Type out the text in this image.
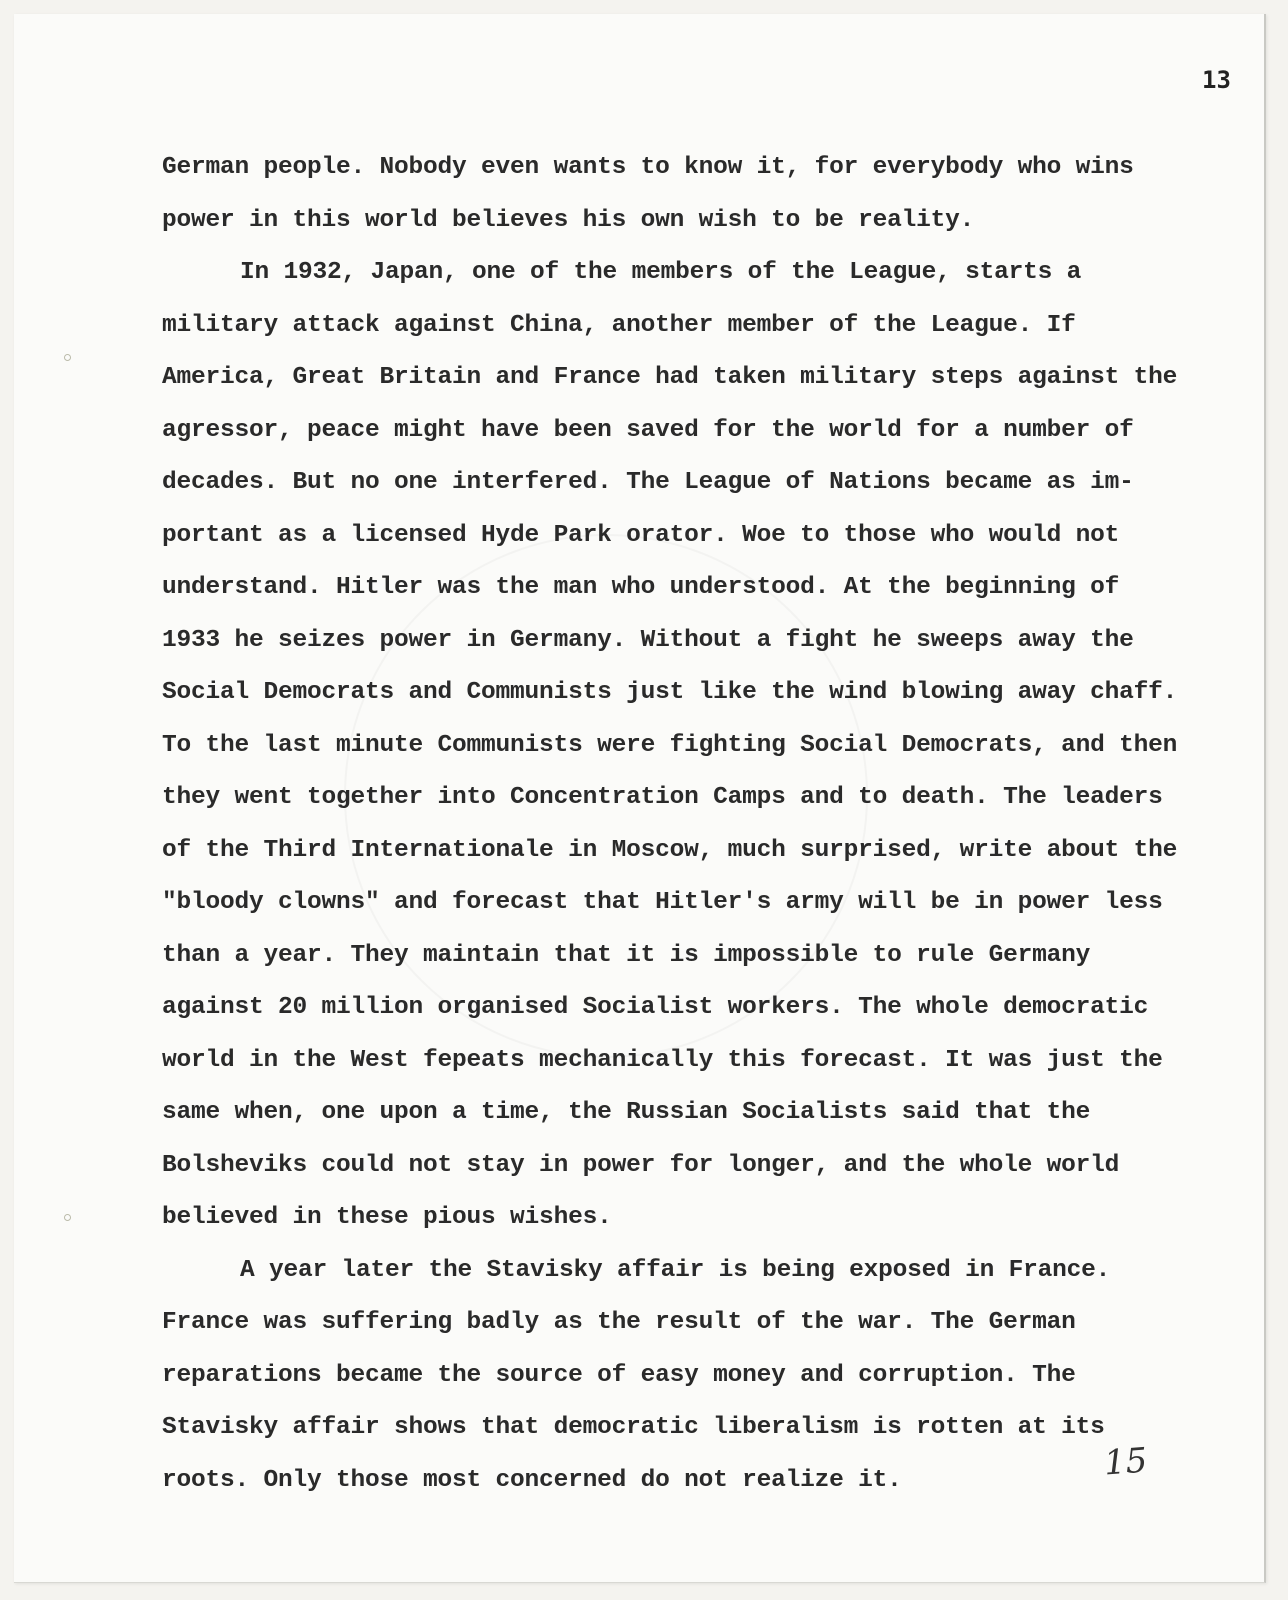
13
German people. Nobody even wants to know it, for everybody who wins
power in this world believes his own wish to be reality.
In 1932, Japan, one of the members of the League, starts a
military attack against China, another member of the League. If
America, Great Britain and France had taken military steps against the
agressor, peace might have been saved for the world for a number of
decades. But no one interfered. The League of Nations became as im-
portant as a licensed Hyde Park orator. Woe to those who would not
understand. Hitler was the man who understood. At the beginning of
1933 he seizes power in Germany. Without a fight he sweeps away the
Social Democrats and Communists just like the wind blowing away chaff.
To the last minute Communists were fighting Social Democrats, and then
they went together into Concentration Camps and to death. The leaders
of the Third Internationale in Moscow, much surprised, write about the
"bloody clowns" and forecast that Hitler's army will be in power less
than a year. They maintain that it is impossible to rule Germany
against 20 million organised Socialist workers. The whole democratic
world in the West fepeats mechanically this forecast. It was just the
same when, one upon a time, the Russian Socialists said that the
Bolsheviks could not stay in power for longer, and the whole world
believed in these pious wishes.
A year later the Stavisky affair is being exposed in France.
France was suffering badly as the result of the war. The German
reparations became the source of easy money and corruption. The
Stavisky affair shows that democratic liberalism is rotten at its
roots. Only those most concerned do not realize it.	15
